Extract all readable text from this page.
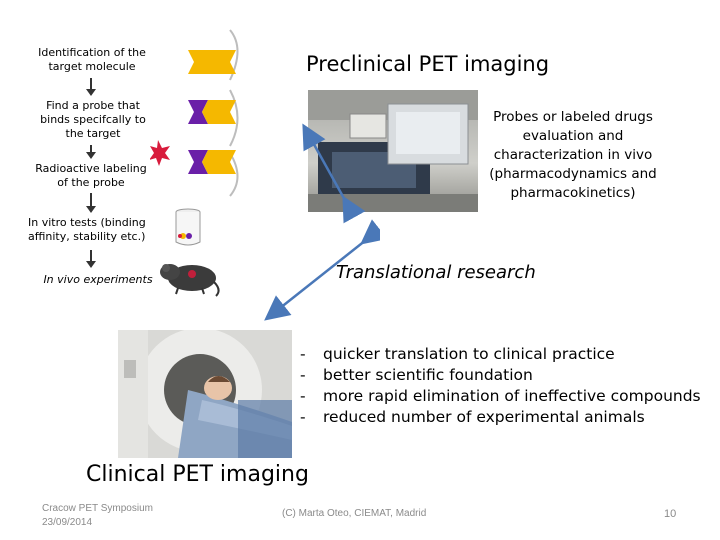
Identification of the target molecule
Find a probe that binds specifcally to the target
Radioactive labeling of the probe
In vitro tests (binding affinity, stability etc.)
In vivo experiments
Preclinical PET imaging
Probes or labeled drugs evaluation and characterization in vivo (pharmacodynamics and pharmacokinetics)
Translational research
- quicker translation to clinical practice
- better scientific foundation
- more rapid elimination of ineffective compounds
- reduced number of experimental animals
Clinical PET imaging
Cracow PET Symposium
23/09/2014
(C) Marta Oteo, CIEMAT, Madrid	10
